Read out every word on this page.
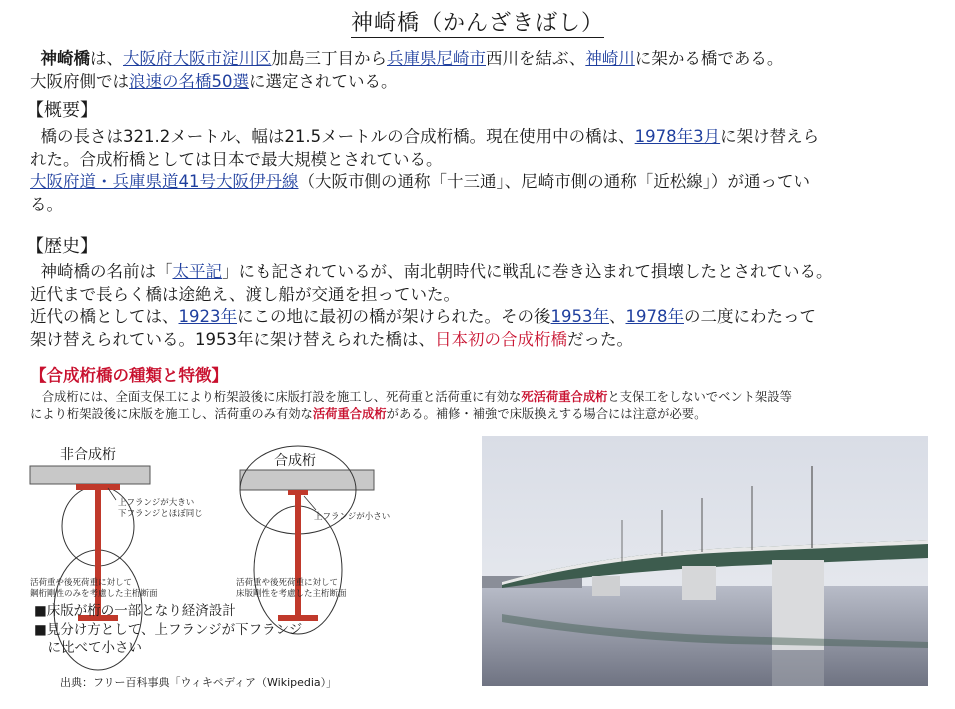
神崎橋（かんざきばし）
神崎橋は、大阪府大阪市淀川区加島三丁目から兵庫県尼崎市西川を結ぶ、神崎川に架かる橋である。
大阪府側では浪速の名橋50選に選定されている。
【概要】
橋の長さは321.2メートル、幅は21.5メートルの合成桁橋。現在使用中の橋は、1978年3月に架け替えら
れた。合成桁橋としては日本で最大規模とされている。
大阪府道・兵庫県道41号大阪伊丹線（大阪市側の通称「十三通」、尼崎市側の通称「近松線」）が通ってい
る。
【歴史】
神崎橋の名前は「太平記」にも記されているが、南北朝時代に戦乱に巻き込まれて損壊したとされている。
近代まで長らく橋は途絶え、渡し船が交通を担っていた。
近代の橋としては、1923年にこの地に最初の橋が架けられた。その後1953年、1978年の二度にわたって
架け替えられている。1953年に架け替えられた橋は、日本初の合成桁橋だった。
【合成桁橋の種類と特徴】
合成桁には、全面支保工により桁架設後に床版打設を施工し、死荷重と活荷重に有効な死活荷重合成桁と支保工をしないでベント架設等
により桁架設後に床版を施工し、活荷重のみ有効な活荷重合成桁がある。補修・補強で床版換えする場合には注意が必要。
非合成桁	合成桁
上フランジが大きい
下フランジとほぼ同じ	上フランジが小さい
活荷重や後死荷重に対して
鋼桁剛性のみを考慮した主桁断面
活荷重や後死荷重に対して
床版剛性を考慮した主桁断面
■床版が桁の一部となり経済設計
■見分け方として、上フランジが下フランジ
　に比べて小さい
出典：フリー百科事典「ウィキペディア（Wikipedia）」
